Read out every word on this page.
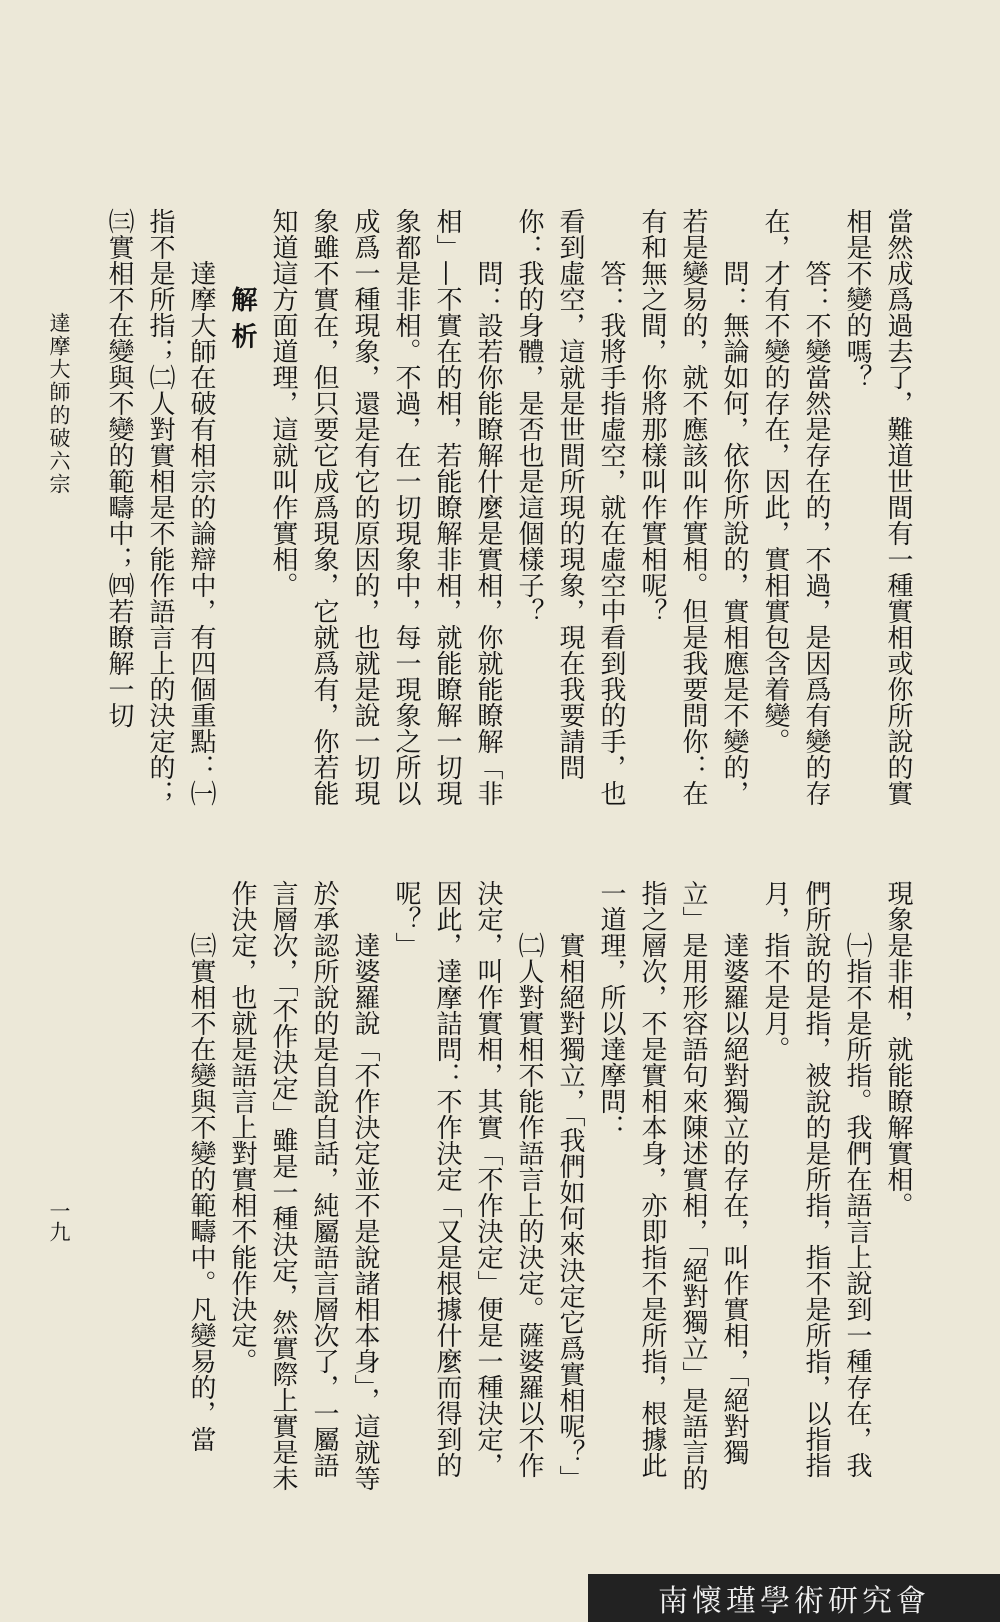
達摩大師的破六宗
一九

當然成爲過去了，難道世間有一種實相或你所說的實相是不變的嗎？

答：不變當然是存在的，不過，是因爲有變的存在，才有不變的存在，因此，實相實包含着變。

問：無論如何，依你所說的，實相應是不變的，若是變易的，就不應該叫作實相。但是我要問你：在有和無之間，你將那樣叫作實相呢？

答：我將手指虛空，就在虛空中看到我的手，也看到虛空，這就是世間所現的現象，現在我要請問你：我的身體，是否也是這個樣子？

問：設若你能瞭解什麼是實相，你就能瞭解「非相」—不實在的相，若能瞭解非相，就能瞭解一切現象都是非相。不過，在一切現象中，每一現象之所以成爲一種現象，還是有它的原因的，也就是說一切現象雖不實在，但只要它成爲現象，它就爲有，你若能知道這方面道理，這就叫作實相。

解析

達摩大師在破有相宗的論辯中，有四個重點：㈠指不是所指；㈡人對實相是不能作語言上的決定的；㈢實相不在變與不變的範疇中；㈣若瞭解一切

現象是非相，就能瞭解實相。

㈠指不是所指。我們在語言上說到一種存在，我們所說的是指，被說的是所指，指不是所指，以指指月，指不是月。

達婆羅以絕對獨立的存在，叫作實相，「絕對獨立」是用形容語句來陳述實相，「絕對獨立」是語言的指之層次，不是實相本身，亦即指不是所指，根據此一道理，所以達摩問：

實相絕對獨立，「我們如何來決定它爲實相呢？」

㈡人對實相不能作語言上的決定。薩婆羅以不作決定，叫作實相，其實「不作決定」便是一種決定，因此，達摩詰問：不作決定「又是根據什麼而得到的呢？」

達婆羅說「不作決定並不是說諸相本身」，這就等於承認所說的是自說自話，純屬語言層次了，一屬語言層次，「不作決定」雖是一種決定，然實際上實是未作決定，也就是語言上對實相不能作決定。

㈢實相不在變與不變的範疇中。凡變易的，當

南懷瑾學術研究會
